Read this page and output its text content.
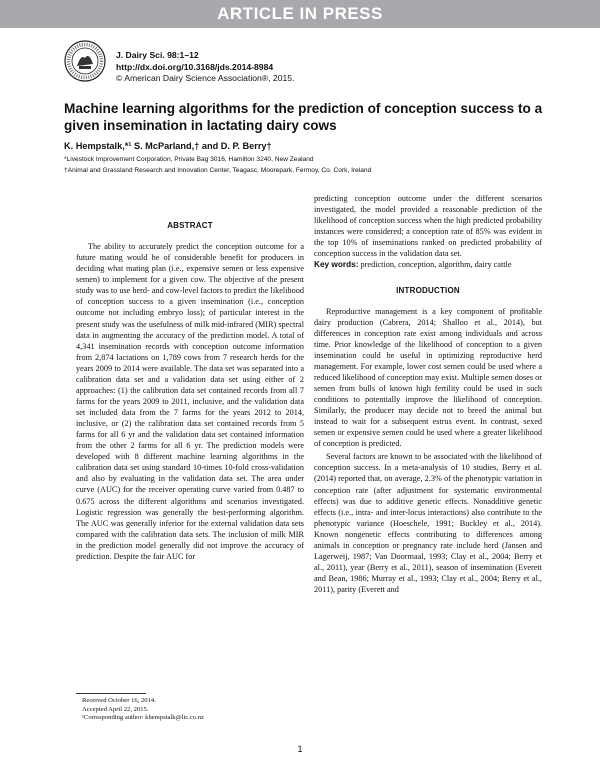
ARTICLE IN PRESS
J. Dairy Sci. 98:1–12
http://dx.doi.org/10.3168/jds.2014-8984
© American Dairy Science Association®, 2015.
Machine learning algorithms for the prediction of conception success to a given insemination in lactating dairy cows
K. Hempstalk,*¹ S. McParland,† and D. P. Berry†
*Livestock Improvement Corporation, Private Bag 3016, Hamilton 3240, New Zealand
†Animal and Grassland Research and Innovation Center, Teagasc, Moorepark, Fermoy, Co. Cork, Ireland
ABSTRACT

The ability to accurately predict the conception outcome for a future mating would be of considerable benefit for producers in deciding what mating plan (i.e., expensive semen or less expensive semen) to implement for a given cow. The objective of the present study was to use herd- and cow-level factors to predict the likelihood of conception success to a given insemination (i.e., conception outcome not including embryo loss); of particular interest in the present study was the usefulness of milk mid-infrared (MIR) spectral data in augmenting the accuracy of the prediction model. A total of 4,341 insemination records with conception outcome information from 2,874 lactations on 1,789 cows from 7 research herds for the years 2009 to 2014 were available. The data set was separated into a calibration data set and a validation data set using either of 2 approaches: (1) the calibration data set contained records from all 7 farms for the years 2009 to 2011, inclusive, and the validation data set included data from the 7 farms for the years 2012 to 2014, inclusive, or (2) the calibration data set contained records from 5 farms for all 6 yr and the validation data set contained information from the other 2 farms for all 6 yr. The prediction models were developed with 8 different machine learning algorithms in the calibration data set using standard 10-times 10-fold cross-validation and also by evaluating in the validation data set. The area under curve (AUC) for the receiver operating curve varied from 0.487 to 0.675 across the different algorithms and scenarios investigated. Logistic regression was generally the best-performing algorithm. The AUC was generally inferior for the external validation data sets compared with the calibration data sets. The inclusion of milk MIR in the prediction model generally did not improve the accuracy of prediction. Despite the fair AUC for

predicting conception outcome under the different scenarios investigated, the model provided a reasonable prediction of the likelihood of conception success when the high predicted probability instances were considered; a conception rate of 85% was evident in the top 10% of inseminations ranked on predicted probability of conception success in the validation data set.

Key words: prediction, conception, algorithm, dairy cattle

INTRODUCTION

Reproductive management is a key component of profitable dairy production (Cabrera, 2014; Shalloo et al., 2014), but differences in conception rate exist among individuals and across time. Prior knowledge of the likelihood of conception to a given insemination could be useful in optimizing reproductive herd management. For example, lower cost semen could be used where a reduced likelihood of conception may exist. Multiple semen doses or semen from bulls of known high fertility could be used in such conditions to potentially improve the likelihood of conception. Similarly, the producer may decide not to breed the animal but instead to wait for a subsequent estrus event. In contrast, sexed semen or expensive semen could be used where a greater likelihood of conception is predicted.

Several factors are known to be associated with the likelihood of conception success. In a meta-analysis of 10 studies, Berry et al. (2014) reported that, on average, 2.3% of the phenotypic variation in conception rate (after adjustment for systematic environmental effects) was due to additive genetic effects. Nonadditive genetic effects (i.e., intra- and inter-locus interactions) also contribute to the phenotypic variance (Hoeschele, 1991; Buckley et al., 2014). Known nongenetic effects contributing to differences among animals in conception or pregnancy rate include herd (Jansen and Lagerweij, 1987; Van Doormaal, 1993; Clay et al., 2004; Berry et al., 2011), year (Berry et al., 2011), season of insemination (Everett and Bean, 1986; Murray et al., 1993; Clay et al., 2004; Berry et al., 2011), parity (Everett and

Received October 16, 2014.
Accepted April 22, 2015.
¹Corresponding author: khempstalk@lic.co.nz
1
